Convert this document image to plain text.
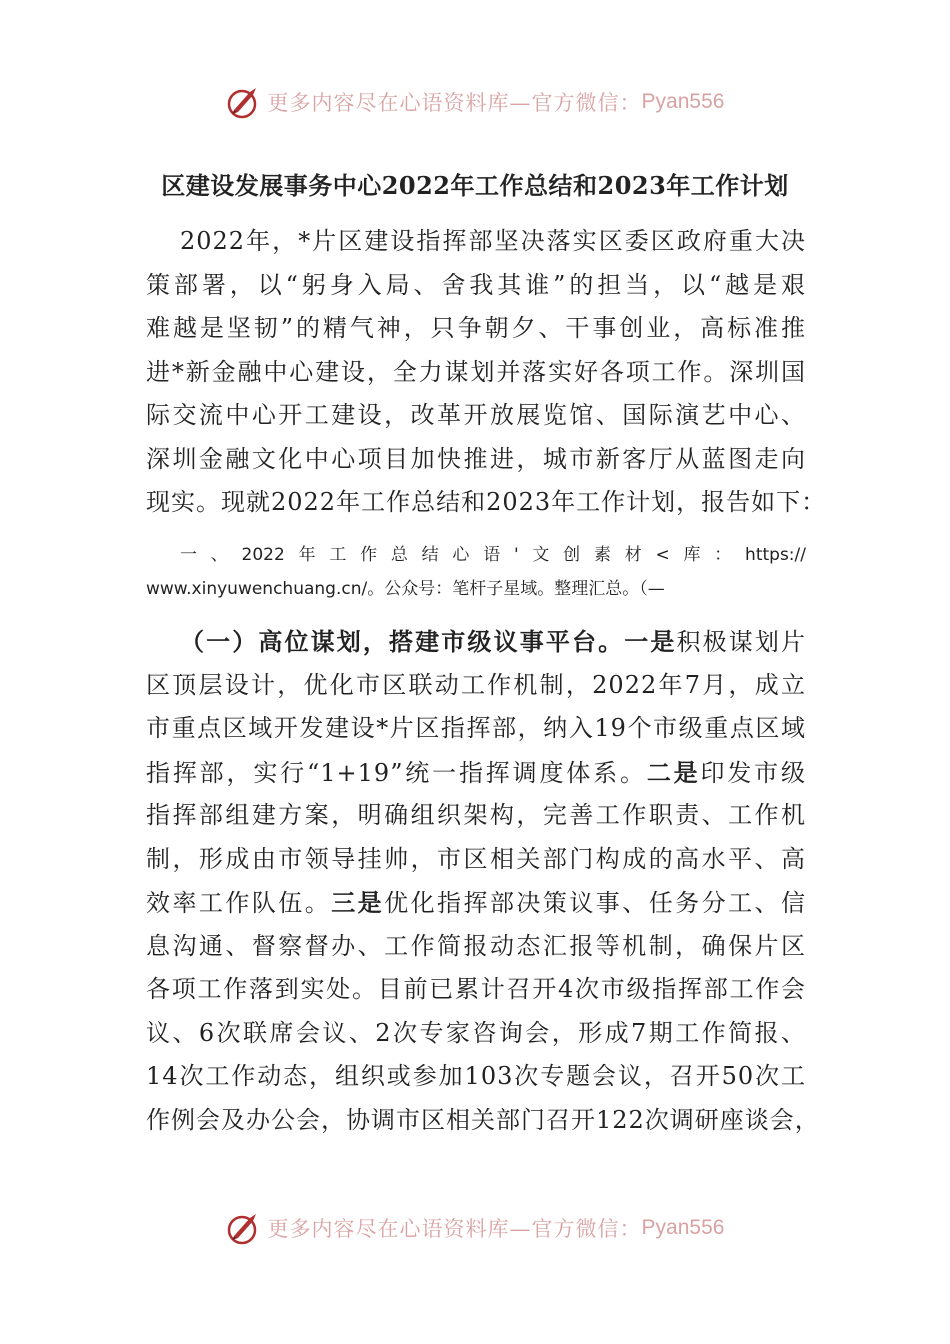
更多内容尽在心语资料库—官方微信： Pyan556
区建设发展事务中心2022年工作总结和2023年工作计划
2022年，*片区建设指挥部坚决落实区委区政府重大决
策部署，以“躬身入局、舍我其谁”的担当，以“越是艰
难越是坚韧”的精气神，只争朝夕、干事创业，高标准推
进*新金融中心建设，全力谋划并落实好各项工作。深圳国
际交流中心开工建设，改革开放展览馆、国际演艺中心、
深圳金融文化中心项目加快推进，城市新客厅从蓝图走向
现实。现就2022年工作总结和2023年工作计划，报告如下：
一、2022年工作总结心语'文创素材<库：https://
www.xinyuwenchuang.cn/。公众号：笔杆子星域。整理汇总。（—
（一）高位谋划，搭建市级议事平台。一是积极谋划片
区顶层设计，优化市区联动工作机制，2022年7月，成立
市重点区域开发建设*片区指挥部，纳入19个市级重点区域
指挥部，实行“1+19”统一指挥调度体系。二是印发市级
指挥部组建方案，明确组织架构，完善工作职责、工作机
制，形成由市领导挂帅，市区相关部门构成的高水平、高
效率工作队伍。三是优化指挥部决策议事、任务分工、信
息沟通、督察督办、工作简报动态汇报等机制，确保片区
各项工作落到实处。目前已累计召开4次市级指挥部工作会
议、6次联席会议、2次专家咨询会，形成7期工作简报、
14次工作动态，组织或参加103次专题会议，召开50次工
作例会及办公会，协调市区相关部门召开122次调研座谈会，
更多内容尽在心语资料库—官方微信： Pyan556
